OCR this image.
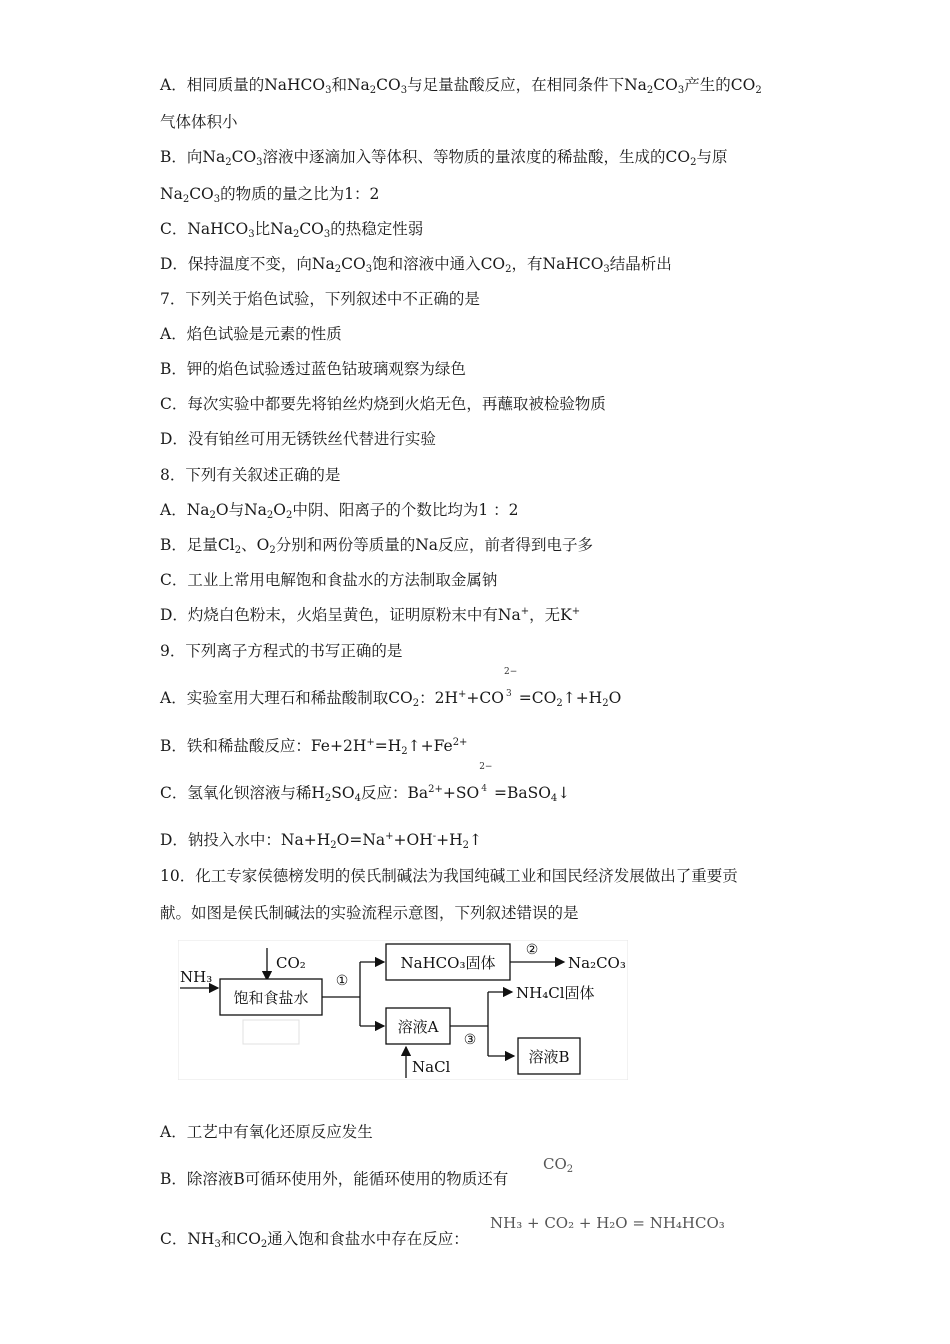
A．相同质量的NaHCO$_3$和$Na_2CO_3$与足量盐酸反应，在相同条件下$Na_2CO_3$产生的$CO_2$
气体体积小
B．向$Na_2CO_3$溶液中逐滴加入等体积、等物质的量浓度的稀盐酸，生成的$CO_2$与原
$Na_2CO_3$的物质的量之比为1：2
C．NaHCO$_3$比$Na_2CO_3$的热稳定性弱
D．保持温度不变，向$Na_2CO_3$饱和溶液中通入$CO_2$，有NaHCO$_3$结晶析出
7．下列关于焰色试验，下列叙述中不正确的是
A．焰色试验是元素的性质
B．钾的焰色试验透过蓝色钴玻璃观察为绿色
C．每次实验中都要先将铂丝灼烧到火焰无色，再蘸取被检验物质
D．没有铂丝可用无锈铁丝代替进行实验
8．下列有关叙述正确的是
A．$Na_2O$与$Na_2O_2$中阴、阳离子的个数比均为1 ：2
B．足量$Cl_2$、$O_2$分别和两份等质量的Na反应，前者得到电子多
C．工业上常用电解饱和食盐水的方法制取金属钠
D．灼烧白色粉末，火焰呈黄色，证明原粉末中有Na+，无K+
9．下列离子方程式的书写正确的是
A．实验室用大理石和稀盐酸制取$CO_2$：2H++CO
2−
$3 =CO_2↑+H_2O$
B．铁和稀盐酸反应：$Fe+2H^+=H_2↑+Fe^{2+}$
C．氢氧化钡溶液与稀$H_2SO_4$反应：$Ba^{2+}+SO$
2−
4 =BaSO$_4$↓
D．钠投入水中：$Na+H_2O=Na^++OH^-+H_2↑$
10．化工专家侯德榜发明的侯氏制碱法为我国纯碱工业和国民经济发展做出了重要贡
献。如图是侯氏制碱法的实验流程示意图，下列叙述错误的是
NH₃
CO₂
饱和食盐水
①
NaHCO₃固体
②
Na₂CO₃
溶液A
NaCl
③
NH₄Cl固体
溶液B
A．工艺中有氧化还原反应发生
B．除溶液B可循环使用外，能循环使用的物质还有
$CO_2$
C．$NH_3$和$CO_2$通入饱和食盐水中存在反应：
NH₃ + CO₂ + H₂O = NH₄HCO₃
